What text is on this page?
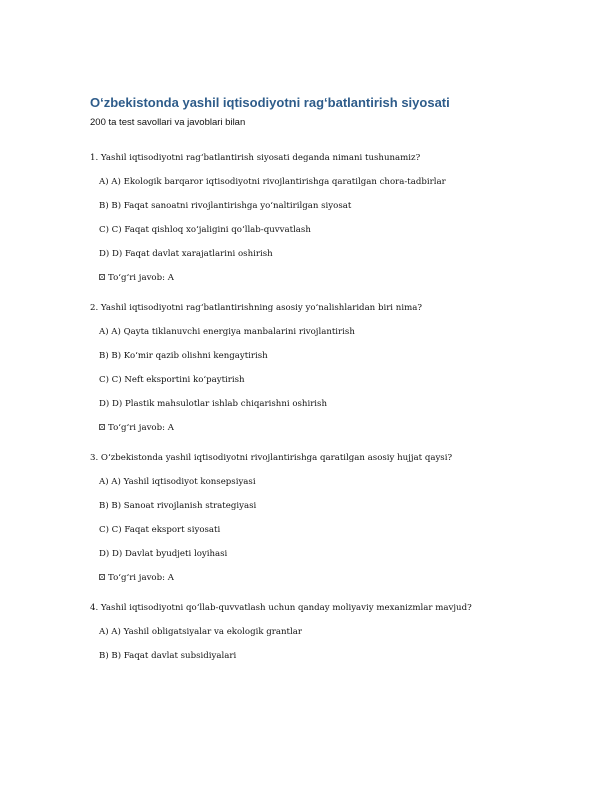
O‘zbekistonda yashil iqtisodiyotni rag‘batlantirish siyosati
200 ta test savollari va javoblari bilan
1. Yashil iqtisodiyotni rag‘batlantirish siyosati deganda nimani tushunamiz?
A) A) Ekologik barqaror iqtisodiyotni rivojlantirishga qaratilgan chora-tadbirlar
B) B) Faqat sanoatni rivojlantirishga yo‘naltirilgan siyosat
C) C) Faqat qishloq xo‘jaligini qo‘llab-quvvatlash
D) D) Faqat davlat xarajatlarini oshirish
To‘g‘ri javob: A
2. Yashil iqtisodiyotni rag‘batlantirishning asosiy yo‘nalishlaridan biri nima?
A) A) Qayta tiklanuvchi energiya manbalarini rivojlantirish
B) B) Ko‘mir qazib olishni kengaytirish
C) C) Neft eksportini ko‘paytirish
D) D) Plastik mahsulotlar ishlab chiqarishni oshirish
To‘g‘ri javob: A
3. O‘zbekistonda yashil iqtisodiyotni rivojlantirishga qaratilgan asosiy hujjat qaysi?
A) A) Yashil iqtisodiyot konsepsiyasi
B) B) Sanoat rivojlanish strategiyasi
C) C) Faqat eksport siyosati
D) D) Davlat byudjeti loyihasi
To‘g‘ri javob: A
4. Yashil iqtisodiyotni qo‘llab-quvvatlash uchun qanday moliyaviy mexanizmlar mavjud?
A) A) Yashil obligatsiyalar va ekologik grantlar
B) B) Faqat davlat subsidiyalari
